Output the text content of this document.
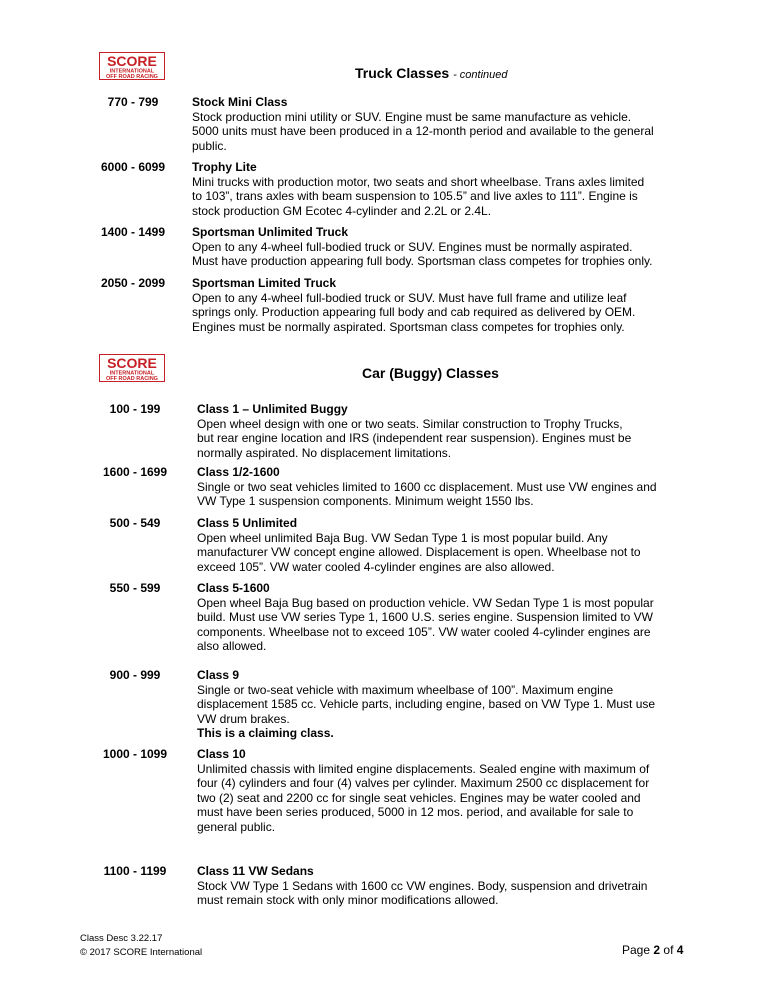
SCORE
INTERNATIONAL
OFF ROAD RACING	Truck Classes - continued
770 - 799	Stock Mini Class
Stock production mini utility or SUV. Engine must be same manufacture as vehicle.
5000 units must have been produced in a 12-month period and available to the general
public.
6000 - 6099	Trophy Lite
Mini trucks with production motor, two seats and short wheelbase. Trans axles limited
to 103”, trans axles with beam suspension to 105.5” and live axles to 111”. Engine is
stock production GM Ecotec 4-cylinder and 2.2L or 2.4L.
1400 - 1499	Sportsman Unlimited Truck
Open to any 4-wheel full-bodied truck or SUV. Engines must be normally aspirated.
Must have production appearing full body. Sportsman class competes for trophies only.
2050 - 2099	Sportsman Limited Truck
Open to any 4-wheel full-bodied truck or SUV. Must have full frame and utilize leaf
springs only. Production appearing full body and cab required as delivered by OEM.
Engines must be normally aspirated. Sportsman class competes for trophies only.
SCORE
INTERNATIONAL
OFF ROAD RACING	Car (Buggy) Classes
100 - 199	Class 1 – Unlimited Buggy
Open wheel design with one or two seats. Similar construction to Trophy Trucks,
but rear engine location and IRS (independent rear suspension). Engines must be
normally aspirated. No displacement limitations.
1600 - 1699	Class 1/2-1600
Single or two seat vehicles limited to 1600 cc displacement. Must use VW engines and
VW Type 1 suspension components. Minimum weight 1550 lbs.
500 - 549	Class 5 Unlimited
Open wheel unlimited Baja Bug. VW Sedan Type 1 is most popular build. Any
manufacturer VW concept engine allowed. Displacement is open. Wheelbase not to
exceed 105”. VW water cooled 4-cylinder engines are also allowed.
550 - 599	Class 5-1600
Open wheel Baja Bug based on production vehicle. VW Sedan Type 1 is most popular
build. Must use VW series Type 1, 1600 U.S. series engine. Suspension limited to VW
components. Wheelbase not to exceed 105”. VW water cooled 4-cylinder engines are
also allowed.
900 - 999	Class 9
Single or two-seat vehicle with maximum wheelbase of 100”. Maximum engine
displacement 1585 cc. Vehicle parts, including engine, based on VW Type 1. Must use
VW drum brakes.
This is a claiming class.
1000 - 1099	Class 10
Unlimited chassis with limited engine displacements. Sealed engine with maximum of
four (4) cylinders and four (4) valves per cylinder. Maximum 2500 cc displacement for
two (2) seat and 2200 cc for single seat vehicles. Engines may be water cooled and
must have been series produced, 5000 in 12 mos. period, and available for sale to
general public.
1100 - 1199	Class 11 VW Sedans
Stock VW Type 1 Sedans with 1600 cc VW engines. Body, suspension and drivetrain
must remain stock with only minor modifications allowed.
Class Desc 3.22.17
© 2017 SCORE International	Page 2 of 4
